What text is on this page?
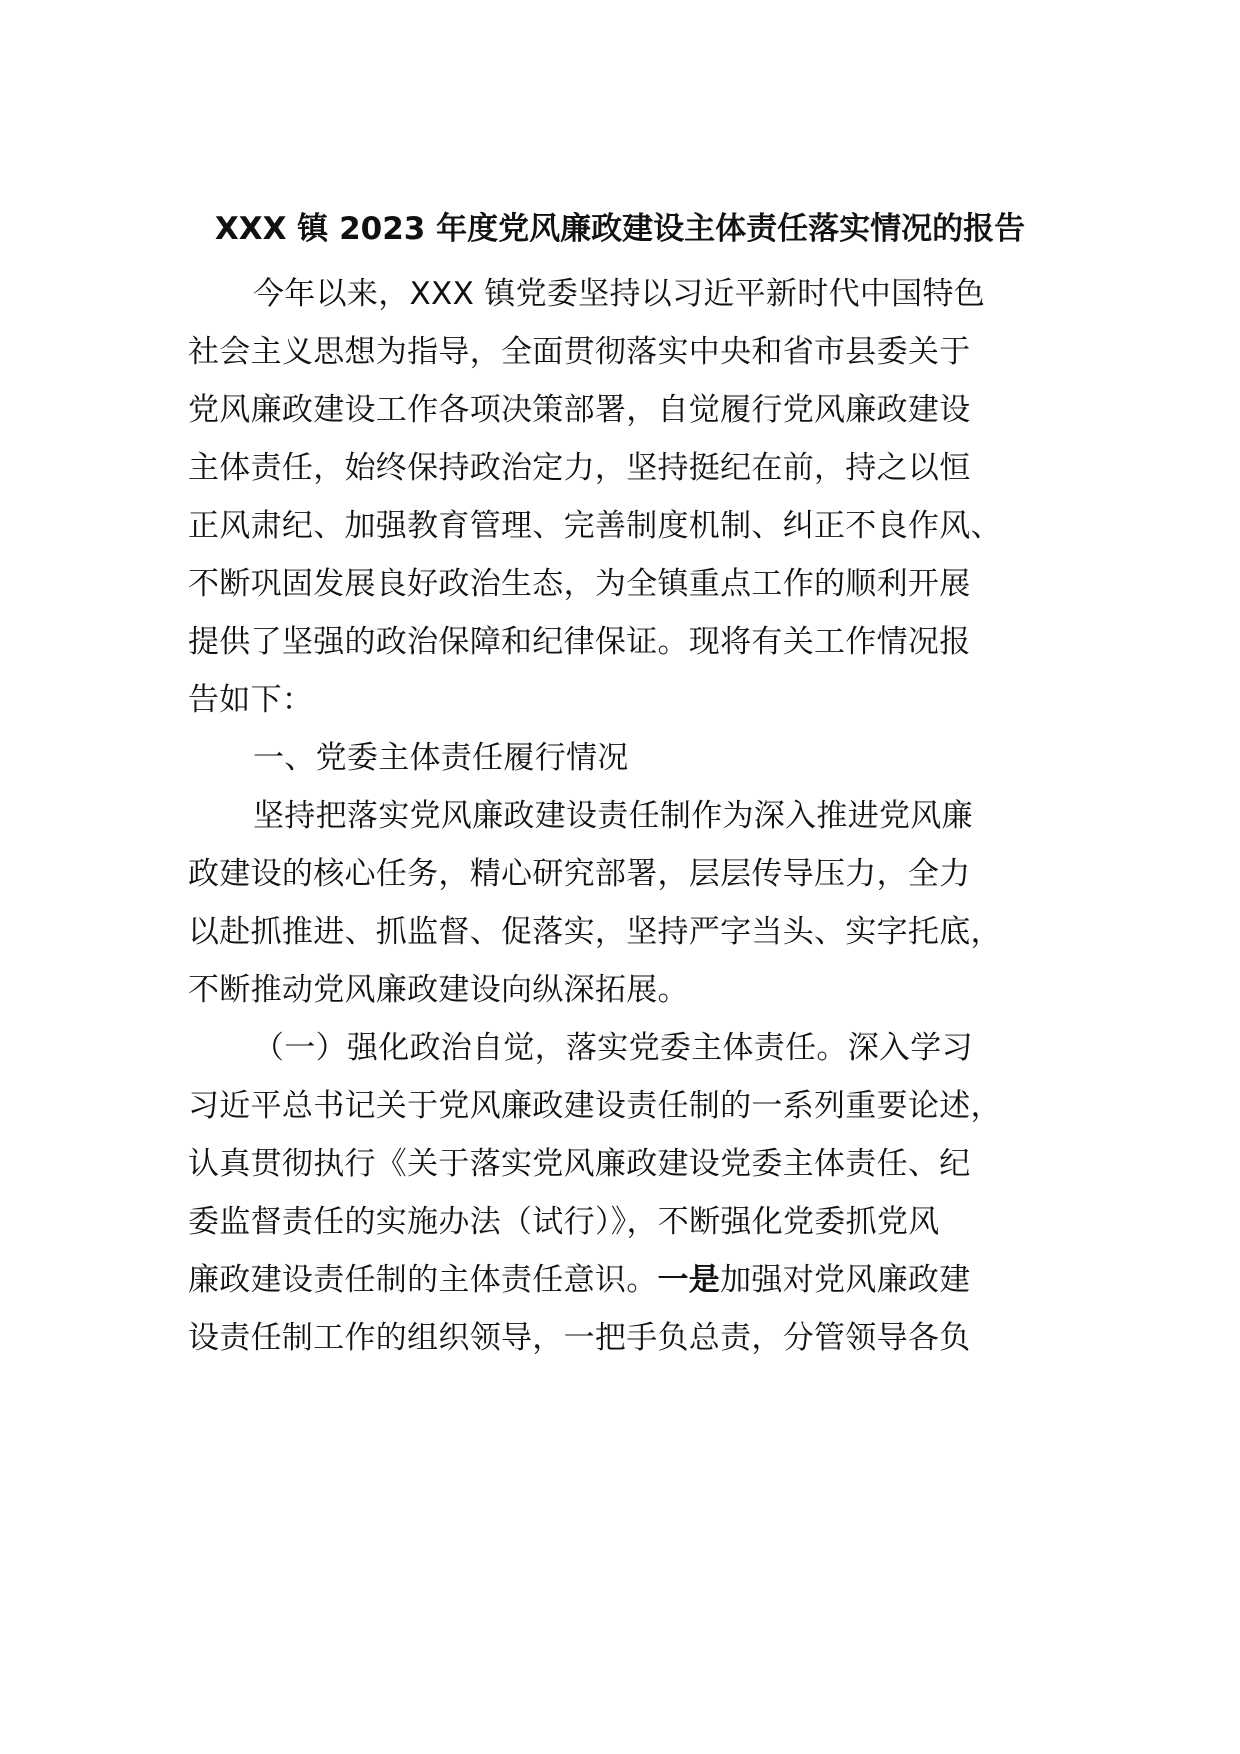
XXX 镇 2023 年度党风廉政建设主体责任落实情况的报告
今年以来，XXX 镇党委坚持以习近平新时代中国特色
社会主义思想为指导，全面贯彻落实中央和省市县委关于
党风廉政建设工作各项决策部署，自觉履行党风廉政建设
主体责任，始终保持政治定力，坚持挺纪在前，持之以恒
正风肃纪、加强教育管理、完善制度机制、纠正不良作风、
不断巩固发展良好政治生态，为全镇重点工作的顺利开展
提供了坚强的政治保障和纪律保证。现将有关工作情况报
告如下：
一、党委主体责任履行情况
坚持把落实党风廉政建设责任制作为深入推进党风廉
政建设的核心任务，精心研究部署，层层传导压力，全力
以赴抓推进、抓监督、促落实，坚持严字当头、实字托底，
不断推动党风廉政建设向纵深拓展。
（一）强化政治自觉，落实党委主体责任。深入学习
习近平总书记关于党风廉政建设责任制的一系列重要论述，
认真贯彻执行《关于落实党风廉政建设党委主体责任、纪
委监督责任的实施办法（试行）》，不断强化党委抓党风
廉政建设责任制的主体责任意识。一是加强对党风廉政建
设责任制工作的组织领导，一把手负总责，分管领导各负
